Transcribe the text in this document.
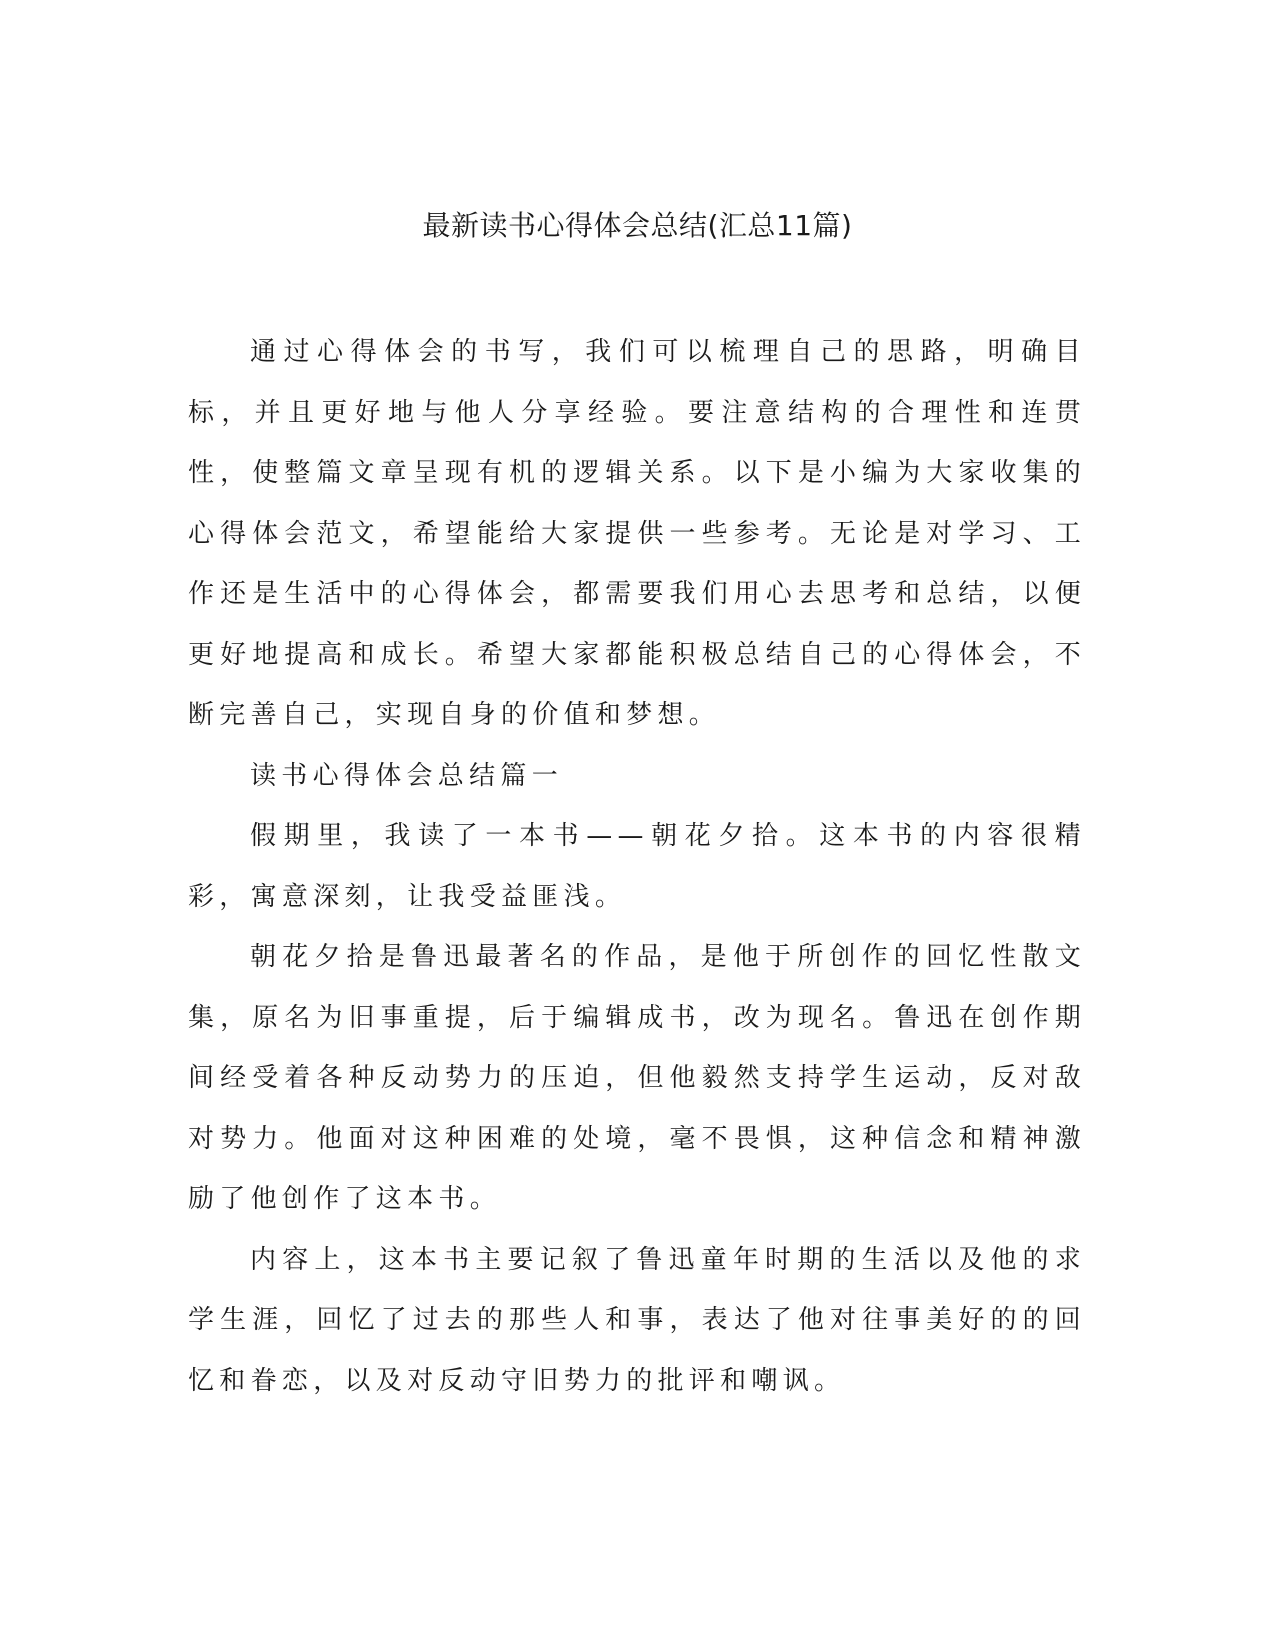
最新读书心得体会总结(汇总11篇)

通过心得体会的书写，我们可以梳理自己的思路，明确目标，并且更好地与他人分享经验。要注意结构的合理性和连贯性，使整篇文章呈现有机的逻辑关系。以下是小编为大家收集的心得体会范文，希望能给大家提供一些参考。无论是对学习、工作还是生活中的心得体会，都需要我们用心去思考和总结，以便更好地提高和成长。希望大家都能积极总结自己的心得体会，不断完善自己，实现自身的价值和梦想。

读书心得体会总结篇一

假期里，我读了一本书——朝花夕拾。这本书的内容很精彩，寓意深刻，让我受益匪浅。

朝花夕拾是鲁迅最著名的作品，是他于所创作的回忆性散文集，原名为旧事重提，后于编辑成书，改为现名。鲁迅在创作期间经受着各种反动势力的压迫，但他毅然支持学生运动，反对敌对势力。他面对这种困难的处境，毫不畏惧，这种信念和精神激励了他创作了这本书。

内容上，这本书主要记叙了鲁迅童年时期的生活以及他的求学生涯，回忆了过去的那些人和事，表达了他对往事美好的的回忆和眷恋，以及对反动守旧势力的批评和嘲讽。
